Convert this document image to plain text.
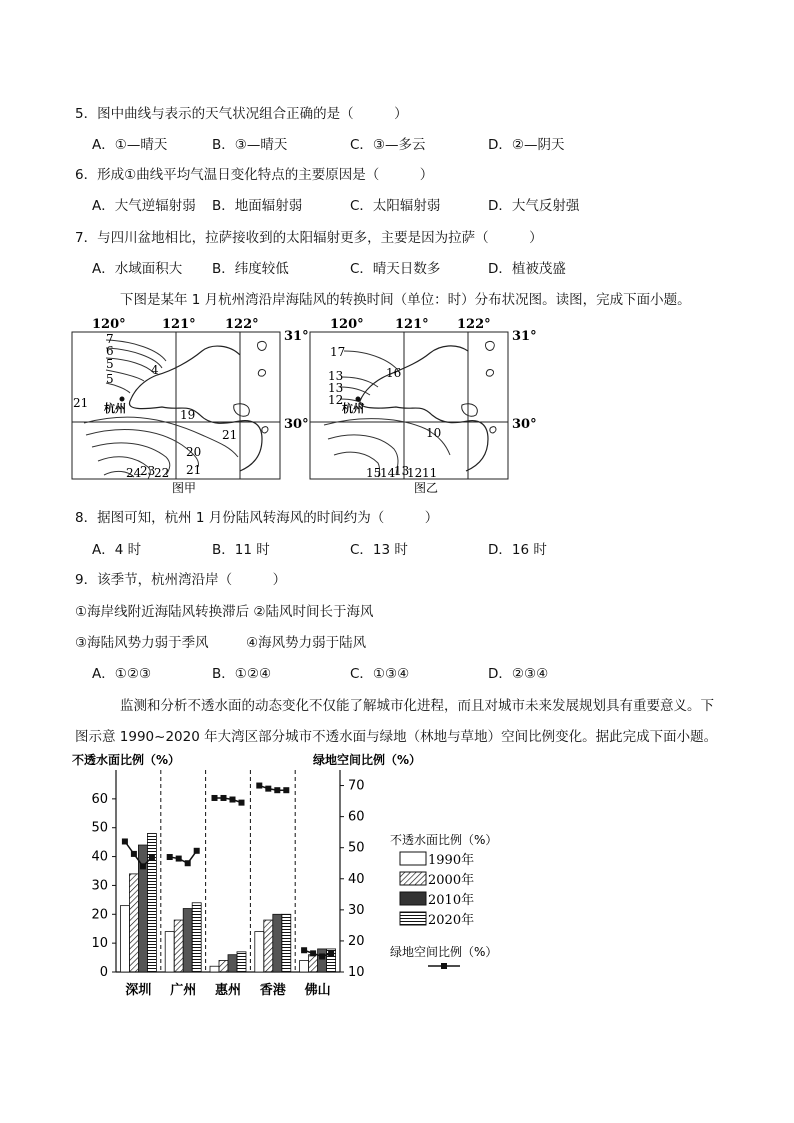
5．图中曲线与表示的天气状况组合正确的是（　　　）
A．①—晴天	B．③—晴天	C．③—多云	D．②—阴天
6．形成①曲线平均气温日变化特点的主要原因是（　　　）
A．大气逆辐射弱 B．地面辐射弱	C．太阳辐射弱	D．大气反射强
7．与四川盆地相比，拉萨接收到的太阳辐射更多，主要是因为拉萨（　　　）
A．水域面积大 B．纬度较低	C．晴天日数多	D．植被茂盛
下图是某年 1 月杭州湾沿岸海陆风的转换时间（单位：时）分布状况图。读图，完成下面小题。
120°	121° 122°
31°
30°
7
6
5
5
4
21
19
21
20
24
23
22 21
杭州
图甲
120° 121° 122°
31°
30°
17
16
13
13
12
10
15
14
13
12 11
杭州
图乙
8．据图可知，杭州 1 月份陆风转海风的时间约为（　　　）
A．4 时	B．11 时	C．13 时	D．16 时
9．该季节，杭州湾沿岸（　　　）
①海岸线附近海陆风转换滞后 ②陆风时间长于海风
③海陆风势力弱于季风	④海风势力弱于陆风
A．①②③	B．①②④	C．①③④	D．②③④
监测和分析不透水面的动态变化不仅能了解城市化进程，而且对城市未来发展规划具有重要意义。下
图示意 1990~2020 年大湾区部分城市不透水面与绿地（林地与草地）空间比例变化。据此完成下面小题。
不透水面比例（%）	绿地空间比例（%）
0
10
20
30
40
50
60
10
20
30
40
50
60
70
深圳 广州 惠州 香港 佛山
不透水面比例（%）
1990年
2000年
2010年
2020年
绿地空间比例（%）
